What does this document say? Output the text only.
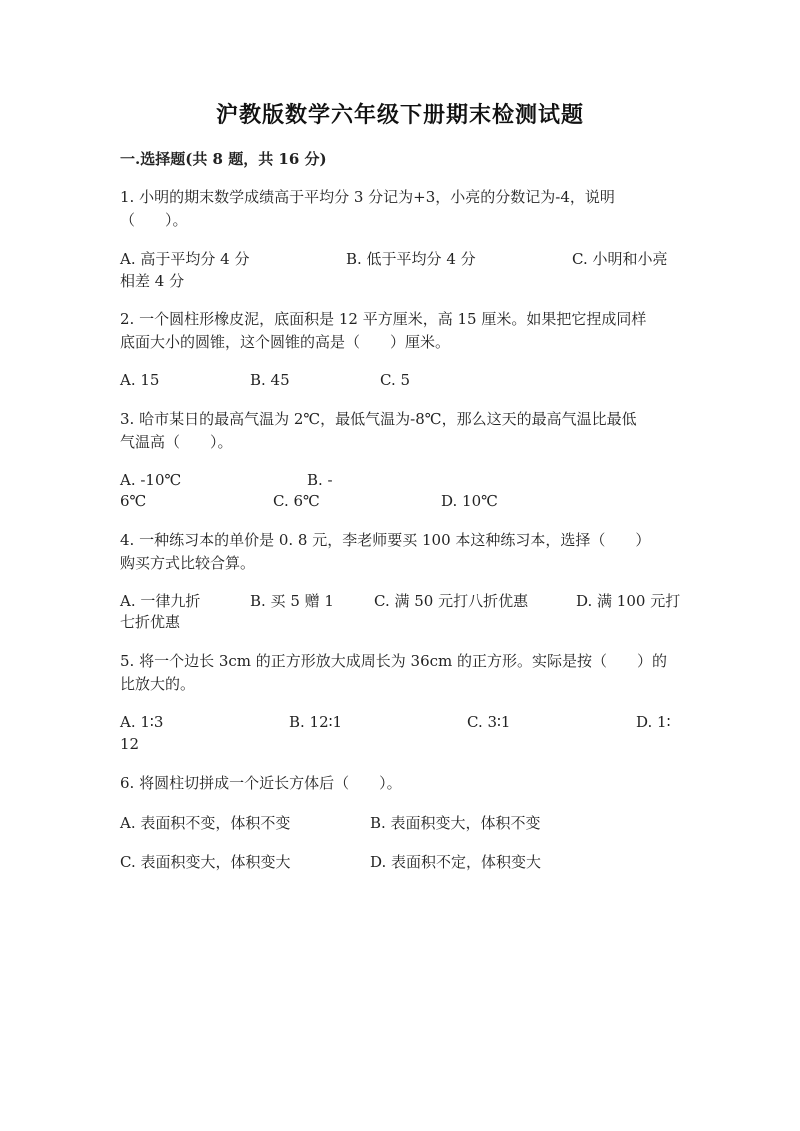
沪教版数学六年级下册期末检测试题
一.选择题(共 8 题，共 16 分)
1. 小明的期末数学成绩高于平均分 3 分记为+3，小亮的分数记为-4，说明
（　　）。
A. 高于平均分 4 分	B. 低于平均分 4 分	C. 小明和小亮
相差 4 分
2. 一个圆柱形橡皮泥，底面积是 12 平方厘米，高 15 厘米。如果把它捏成同样
底面大小的圆锥，这个圆锥的高是（　　）厘米。
A. 15	B. 45	C. 5
3. 哈市某日的最高气温为 2℃，最低气温为-8℃，那么这天的最高气温比最低
气温高（　　）。
A. -10℃	B. -
6℃	C. 6℃	D. 10℃
4. 一种练习本的单价是 0. 8 元，李老师要买 100 本这种练习本，选择（　　）
购买方式比较合算。
A. 一律九折	B. 买 5 赠 1	C. 满 50 元打八折优惠	D. 满 100 元打
七折优惠
5. 将一个边长 3cm 的正方形放大成周长为 36cm 的正方形。实际是按（　　）的
比放大的。
A. 1∶3	B. 12∶1	C. 3∶1	D. 1∶
12
6. 将圆柱切拼成一个近长方体后（　　）。
A. 表面积不变，体积不变	B. 表面积变大，体积不变
C. 表面积变大，体积变大	D. 表面积不定，体积变大
